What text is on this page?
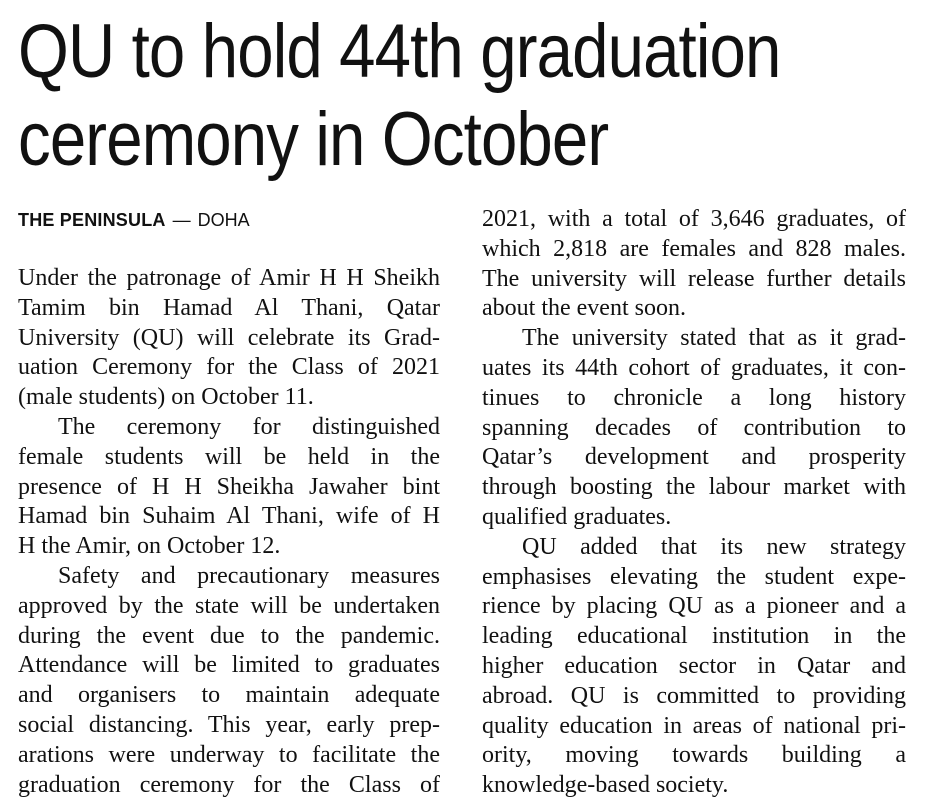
QU to hold 44th graduation
ceremony in October
THE PENINSULA — DOHA
Under the patronage of Amir H H Sheikh
Tamim bin Hamad Al Thani, Qatar
University (QU) will celebrate its Grad-
uation Ceremony for the Class of 2021
(male students) on October 11.
The ceremony for distinguished
female students will be held in the
presence of H H Sheikha Jawaher bint
Hamad bin Suhaim Al Thani, wife of H
H the Amir, on October 12.
Safety and precautionary measures
approved by the state will be undertaken
during the event due to the pandemic.
Attendance will be limited to graduates
and organisers to maintain adequate
social distancing. This year, early prep-
arations were underway to facilitate the
graduation ceremony for the Class of
2021, with a total of 3,646 graduates, of
which 2,818 are females and 828 males.
The university will release further details
about the event soon.
The university stated that as it grad-
uates its 44th cohort of graduates, it con-
tinues to chronicle a long history
spanning decades of contribution to
Qatar’s development and prosperity
through boosting the labour market with
qualified graduates.
QU added that its new strategy
emphasises elevating the student expe-
rience by placing QU as a pioneer and a
leading educational institution in the
higher education sector in Qatar and
abroad. QU is committed to providing
quality education in areas of national pri-
ority, moving towards building a
knowledge-based society.
